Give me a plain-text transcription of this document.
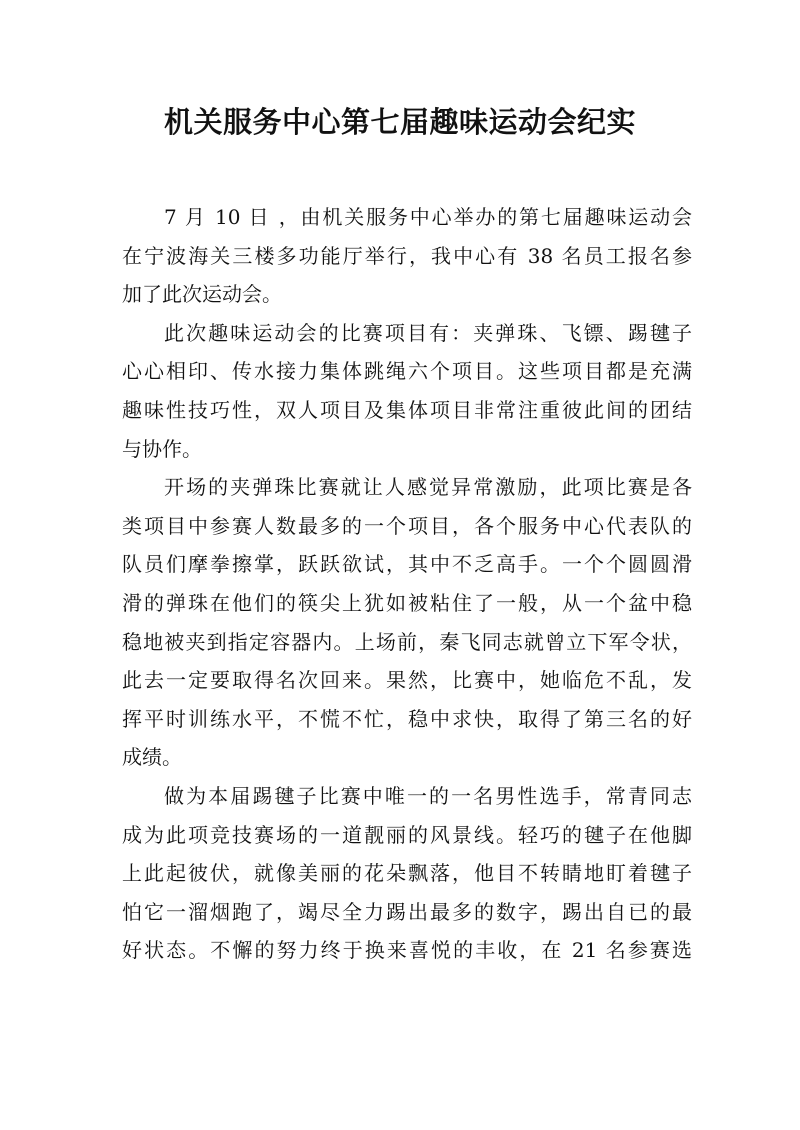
机关服务中心第七届趣味运动会纪实
7 月 10 日 ，由机关服务中心举办的第七届趣味运动会
在宁波海关三楼多功能厅举行，我中心有 38 名员工报名参
加了此次运动会。
此次趣味运动会的比赛项目有：夹弹珠、飞镖、踢毽子
心心相印、传水接力集体跳绳六个项目。这些项目都是充满
趣味性技巧性，双人项目及集体项目非常注重彼此间的团结
与协作。
开场的夹弹珠比赛就让人感觉异常激励，此项比赛是各
类项目中参赛人数最多的一个项目，各个服务中心代表队的
队员们摩拳擦掌，跃跃欲试，其中不乏高手。一个个圆圆滑
滑的弹珠在他们的筷尖上犹如被粘住了一般，从一个盆中稳
稳地被夹到指定容器内。上场前，秦飞同志就曾立下军令状，
此去一定要取得名次回来。果然，比赛中，她临危不乱，发
挥平时训练水平，不慌不忙，稳中求快，取得了第三名的好
成绩。
做为本届踢毽子比赛中唯一的一名男性选手，常青同志
成为此项竞技赛场的一道靓丽的风景线。轻巧的毽子在他脚
上此起彼伏，就像美丽的花朵飘落，他目不转睛地盯着毽子
怕它一溜烟跑了，竭尽全力踢出最多的数字，踢出自已的最
好状态。不懈的努力终于换来喜悦的丰收，在 21 名参赛选
